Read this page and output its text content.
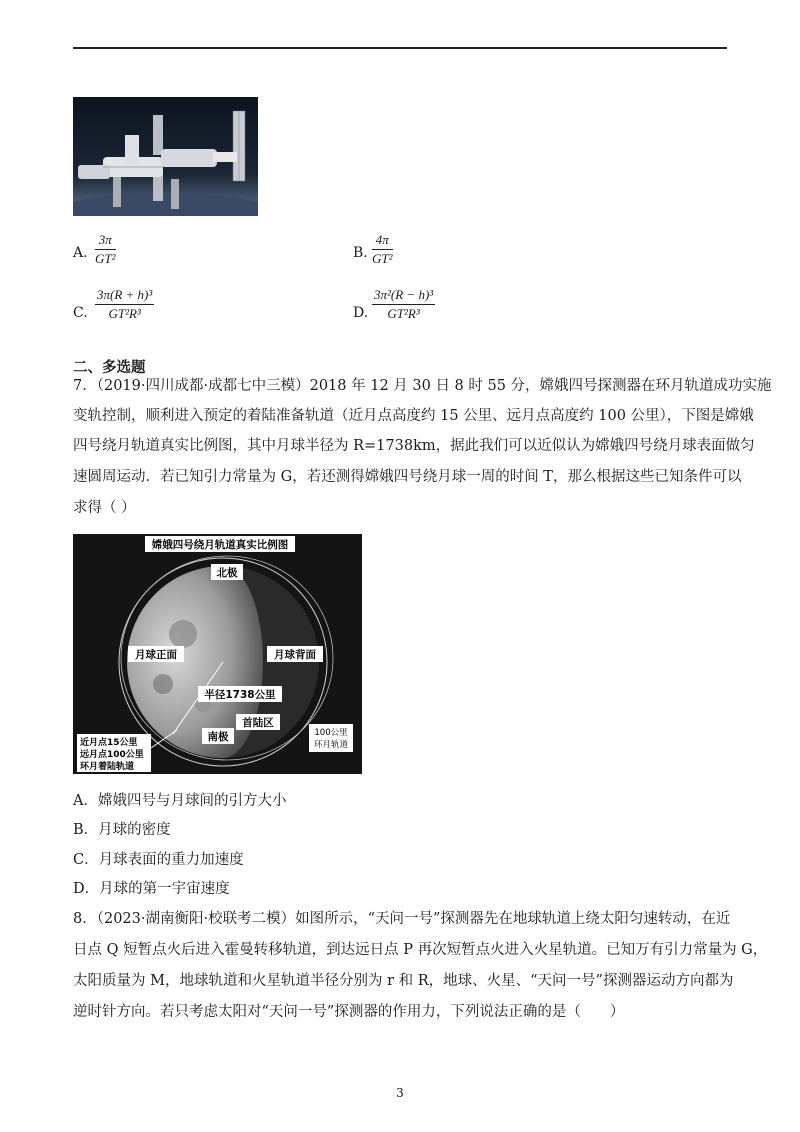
A. $\frac{3\pi}{\text{GT²}}$	B. $\frac{4\pi}{\text{GT²}}$
C. $\frac{\text{3π(R + h)³}}{\text{GT²R³}}$	D. $\frac{\text{3π²(R − h)³}}{\text{GT²R³}}$
二、多选题
7．（2019·四川成都·成都七中三模）2018 年 12 月 30 日 8 时 55 分，嫦娥四号探测器在环月轨道成功实施
变轨控制，顺利进入预定的着陆准备轨道（近月点高度约 15 公里、远月点高度约 100 公里），下图是嫦娥
四号绕月轨道真实比例图，其中月球半径为 R=1738km，据此我们可以近似认为嫦娥四号绕月球表面做匀
速圆周运动．若已知引力常量为 G，若还测得嫦娥四号绕月球一周的时间 T，那么根据这些已知条件可以
求得（ ）
嫦娥四号绕月轨道真实比例图
北极
月球正面	月球背面
半径1738公里
首陆区
南极	100公里
环月轨道
近月点15公里
远月点100公里
环月着陆轨道
A．嫦娥四号与月球间的引方大小
B．月球的密度
C．月球表面的重力加速度
D．月球的第一宇宙速度
8．（2023·湖南衡阳·校联考二模）如图所示，“天问一号”探测器先在地球轨道上绕太阳匀速转动，在近
日点 Q 短暂点火后进入霍曼转移轨道，到达远日点 P 再次短暂点火进入火星轨道。已知万有引力常量为 G，
太阳质量为 M，地球轨道和火星轨道半径分别为 r 和 R，地球、火星、“天问一号”探测器运动方向都为
逆时针方向。若只考虑太阳对“天问一号”探测器的作用力，下列说法正确的是（　　）
3
